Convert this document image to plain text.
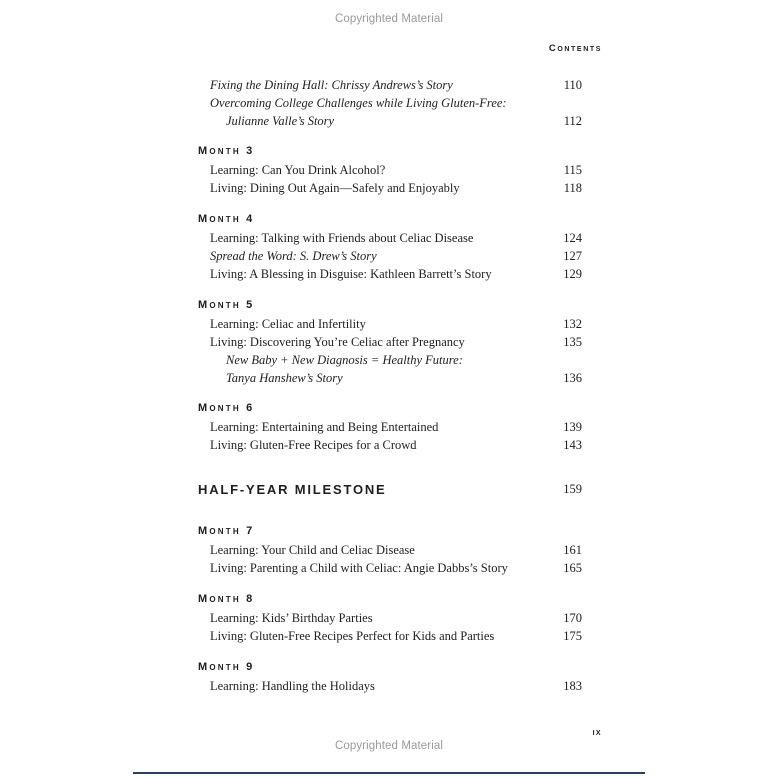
Copyrighted Material
Contents
Fixing the Dining Hall: Chrissy Andrews’s Story	110
Overcoming College Challenges while Living Gluten-Free:
Julianne Valle’s Story	112
Month 3
Learning: Can You Drink Alcohol?	115
Living: Dining Out Again—Safely and Enjoyably	118
Month 4
Learning: Talking with Friends about Celiac Disease	124
Spread the Word: S. Drew’s Story	127
Living: A Blessing in Disguise: Kathleen Barrett’s Story	129
Month 5
Learning: Celiac and Infertility	132
Living: Discovering You’re Celiac after Pregnancy	135
New Baby + New Diagnosis = Healthy Future:
Tanya Hanshew’s Story	136
Month 6
Learning: Entertaining and Being Entertained	139
Living: Gluten-Free Recipes for a Crowd	143
HALF-YEAR MILESTONE	159
Month 7
Learning: Your Child and Celiac Disease	161
Living: Parenting a Child with Celiac: Angie Dabbs’s Story	165
Month 8
Learning: Kids’ Birthday Parties	170
Living: Gluten-Free Recipes Perfect for Kids and Parties	175
Month 9
Learning: Handling the Holidays	183
ix
Copyrighted Material
